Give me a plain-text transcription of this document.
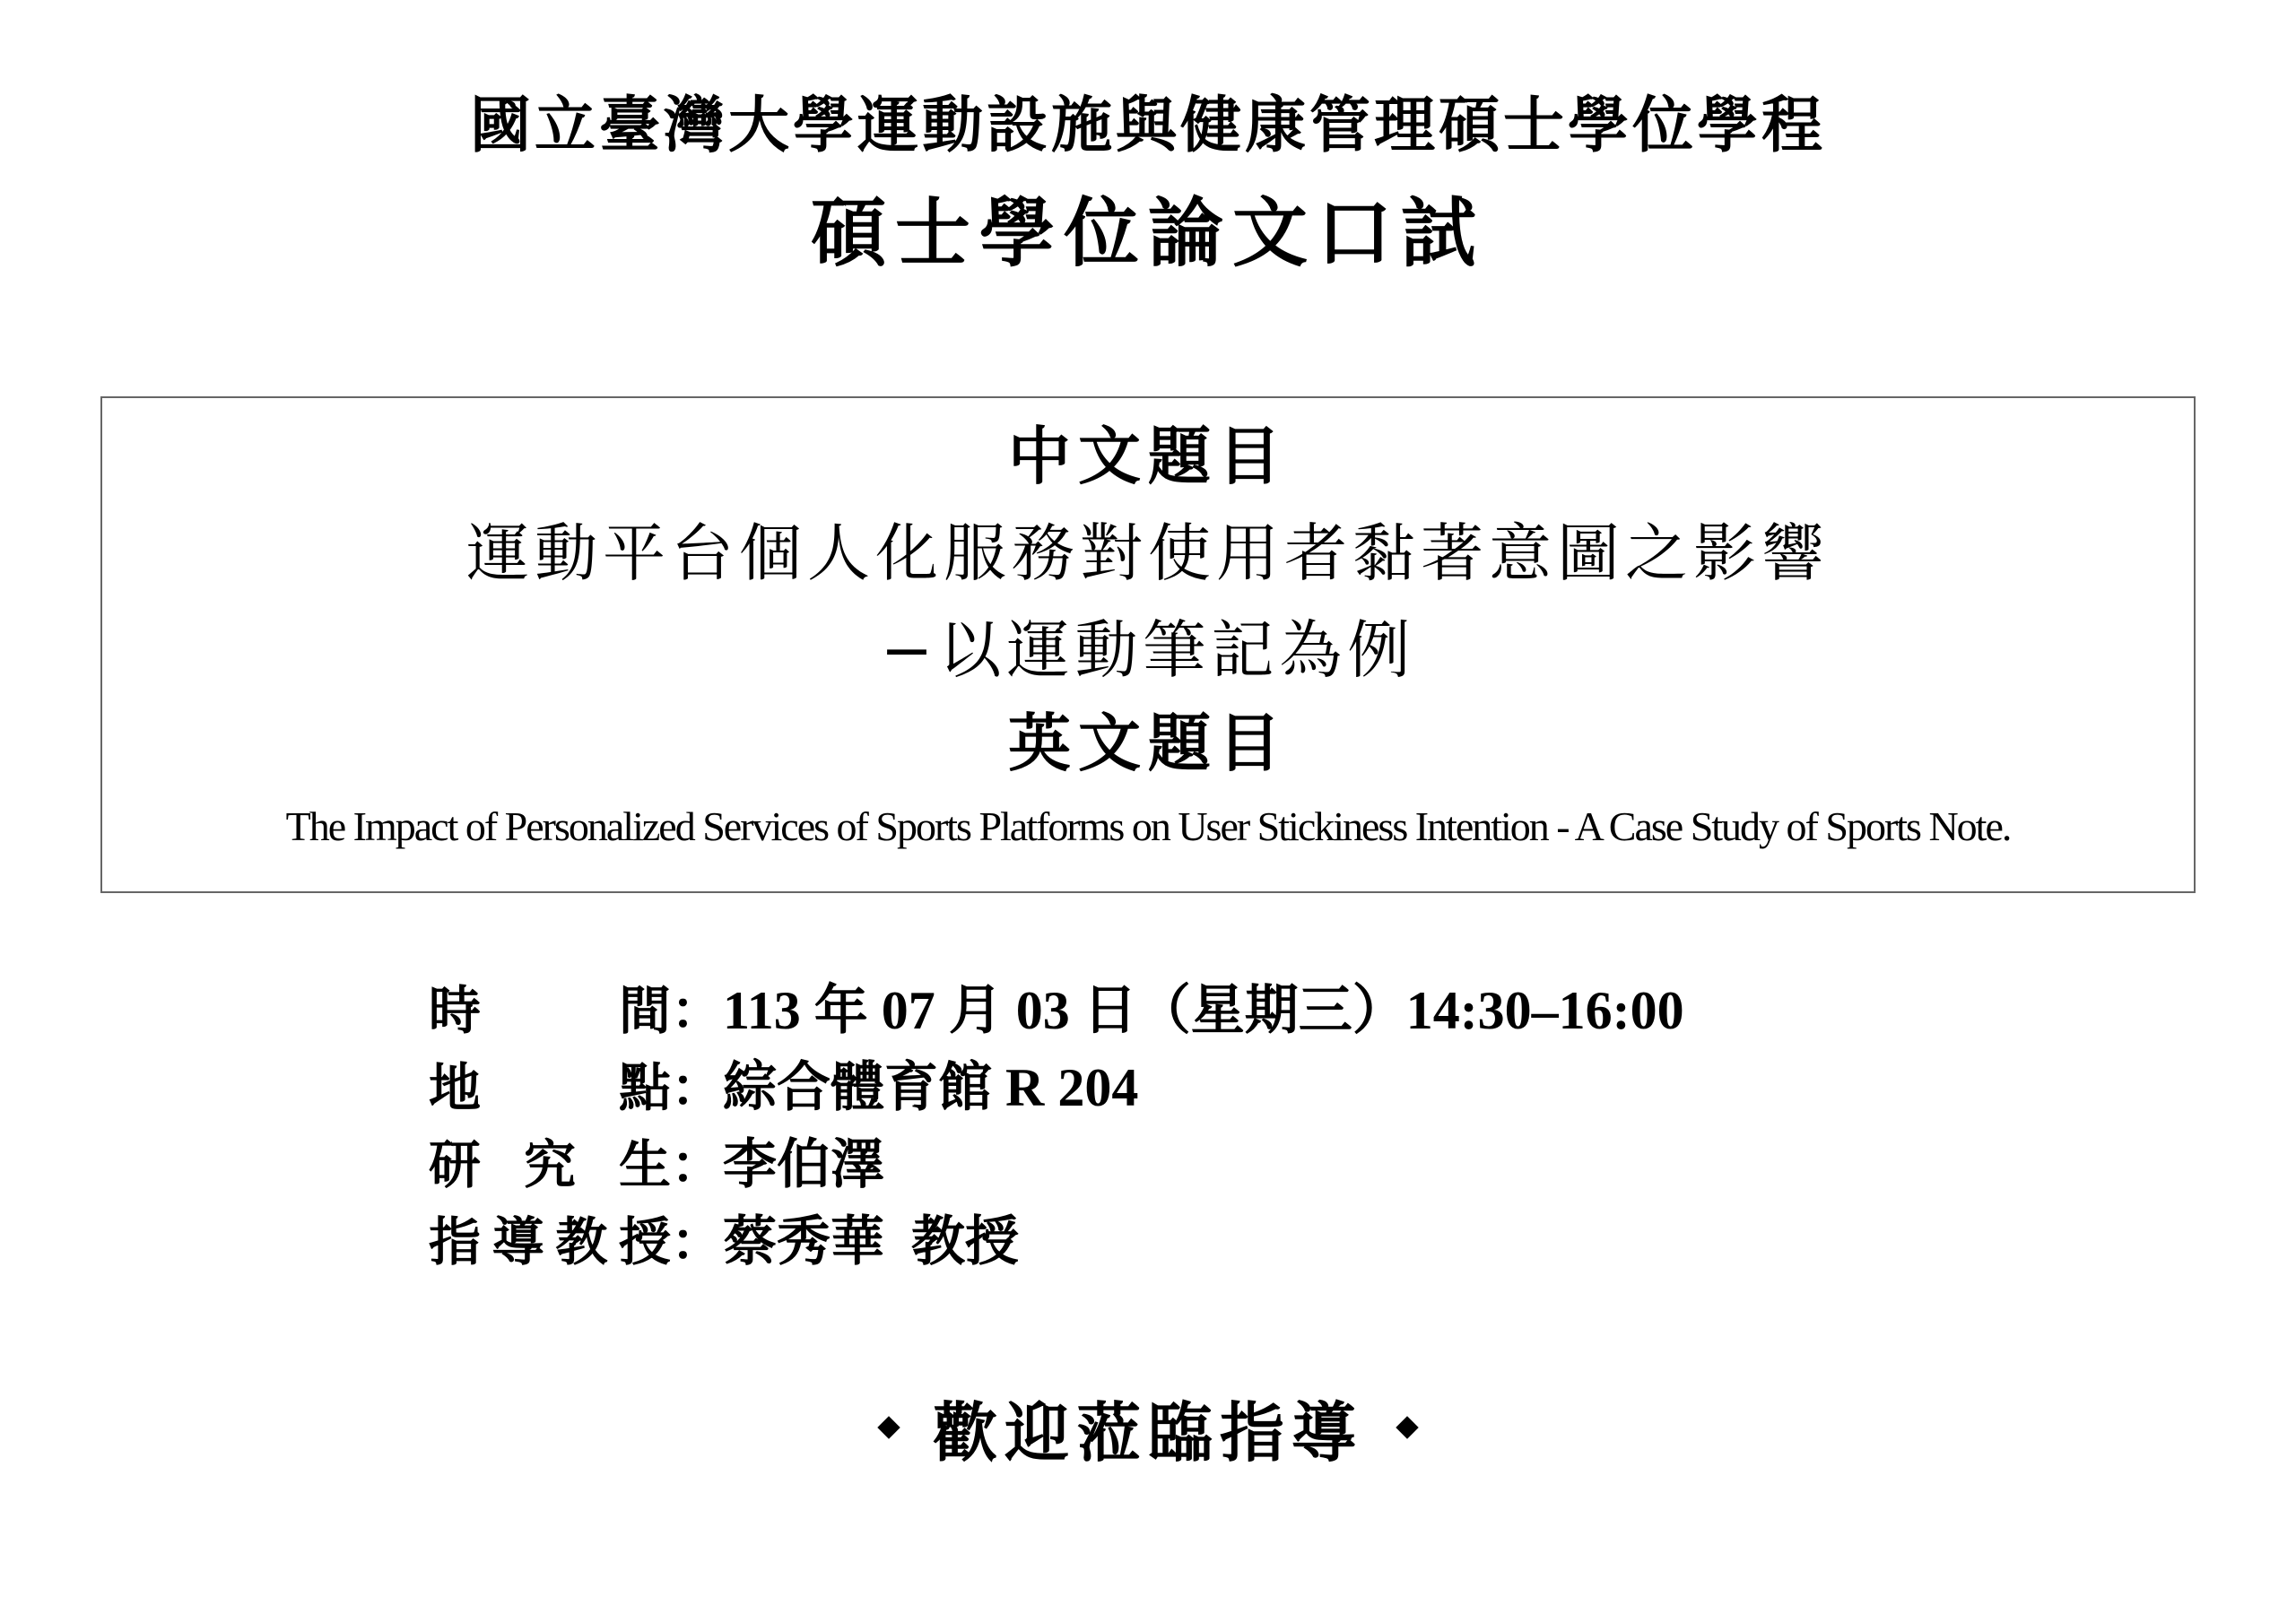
國立臺灣大學運動設施與健康管理碩士學位學程
碩士學位論文口試
中文題目
運動平台個人化服務對使用者黏著意圖之影響
−以運動筆記為例
英文題目
The Impact of Personalized Services of Sports Platforms on User Stickiness Intention - A Case Study of Sports Note.
時	間 ： 113 年 07 月 03 日（星期三）14:30–16:00
地	點 ： 綜合體育館 R 204
研 究 生 ： 李伯澤
指 導 教 授 ： 蔡秀華  教授
歡迎蒞臨指導
